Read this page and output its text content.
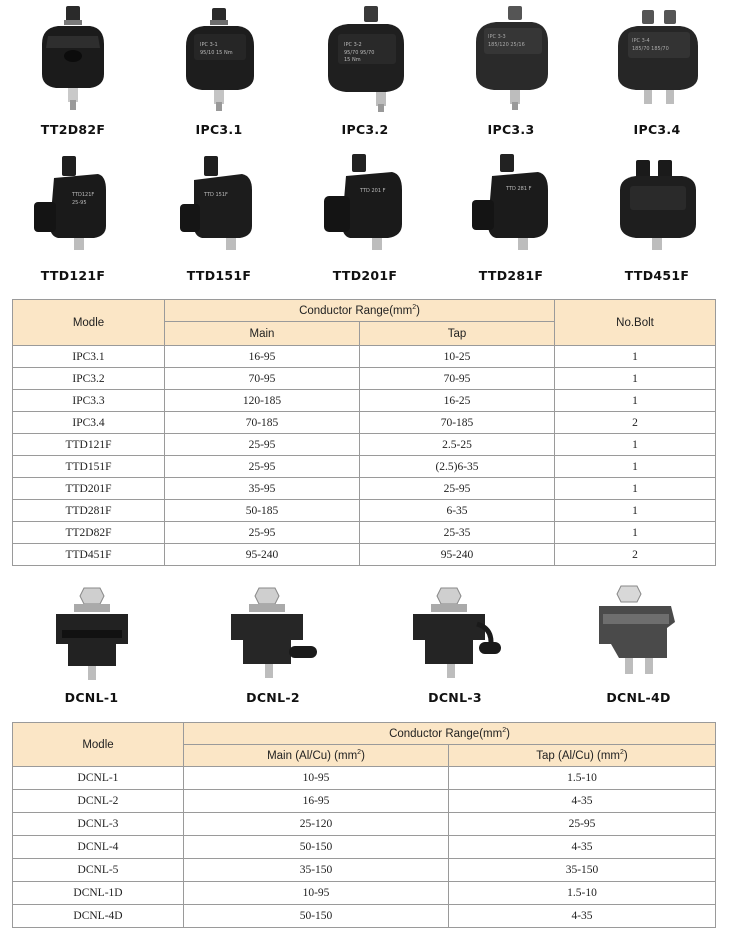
TT2D82F
IPC 3-1
95/10 15 Nm
IPC3.1
IPC 3-2
95/70 95/70
15 Nm
IPC3.2
IPC 3-3
185/120 25/16
IPC3.3
IPC 3-4
185/70 185/70
IPC3.4
TTD121F
25-95
TTD121F
TTD 151F
TTD151F
TTD 201 F
TTD201F
TTD 281 F
TTD281F	TTD451F
Modle	Conductor $Range(mm^2)$		No.Bolt
	Main	Tap	
IPC3.1	16-95	10-25	1
IPC3.2	70-95	70-95	1
IPC3.3	120-185	16-25	1
IPC3.4	70-185	70-185	2
TTD121F	25-95	2.5-25	1
TTD151F	25-95	(2.5)6-35	1
TTD201F	35-95	25-95	1
TTD281F	50-185	6-35	1
TT2D82F	25-95	25-35	1
TTD451F	95-240	95-240	2
DCNL-1	DCNL-2	DCNL-3	DCNL-4D
Modle	Conductor $Range(mm^2)$	
	Main (Al/Cu) $(mm^2)$	Tap (Al/Cu) $(mm^2)$
DCNL-1	10-95	1.5-10
DCNL-2	16-95	4-35
DCNL-3	25-120	25-95
DCNL-4	50-150	4-35
DCNL-5	35-150	35-150
DCNL-1D	10-95	1.5-10
DCNL-4D	50-150	4-35
